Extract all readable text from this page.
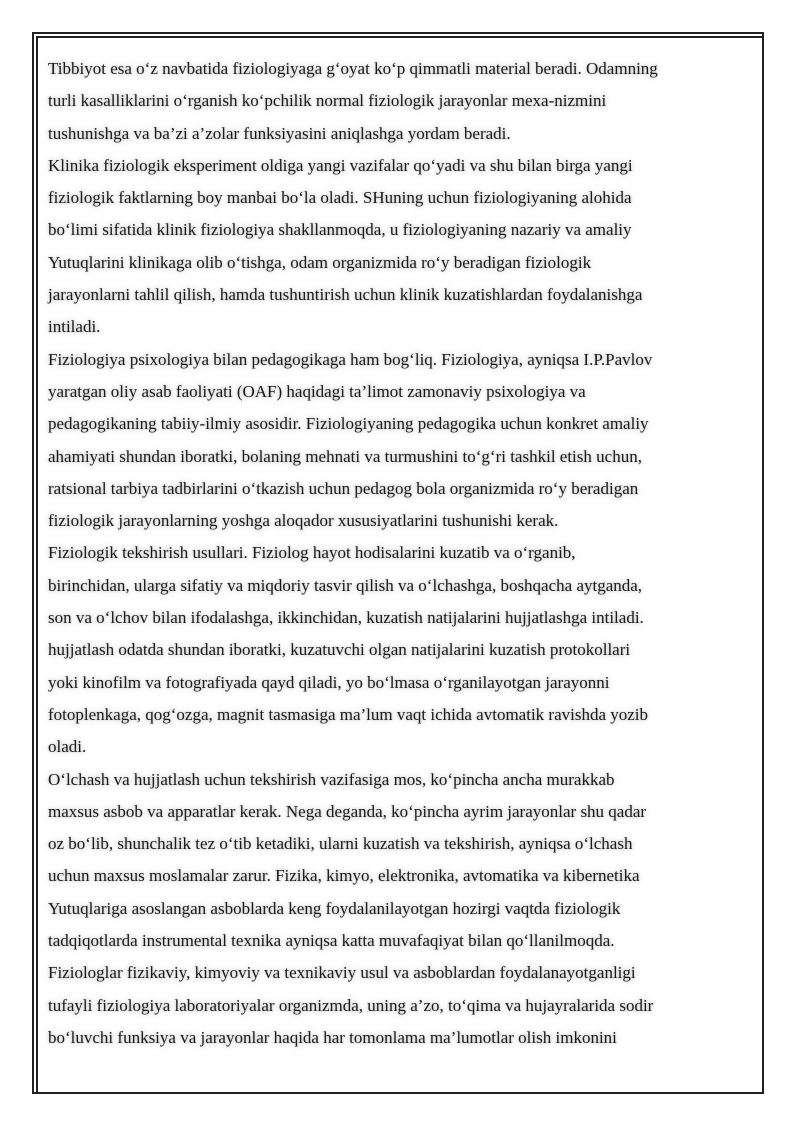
Tibbiyot esa o‘z navbatida fiziologiyaga g‘oyat ko‘p qimmatli material beradi. Odamning
turli kasalliklarini o‘rganish ko‘pchilik normal fiziologik jarayonlar mexa-nizmini
tushunishga va ba’zi a’zolar funksiyasini aniqlashga yordam beradi.
Klinika fiziologik eksperiment oldiga yangi vazifalar qo‘yadi va shu bilan birga yangi
fiziologik faktlarning boy manbai bo‘la oladi. SHuning uchun fiziologiyaning alohida
bo‘limi sifatida klinik fiziologiya shakllanmoqda, u fiziologiyaning nazariy va amaliy
Yutuqlarini klinikaga olib o‘tishga, odam organizmida ro‘y beradigan fiziologik
jarayonlarni tahlil qilish, hamda tushuntirish uchun klinik kuzatishlardan foydalanishga
intiladi.
Fiziologiya psixologiya bilan pedagogikaga ham bog‘liq. Fiziologiya, ayniqsa I.P.Pavlov
yaratgan oliy asab faoliyati (OAF) haqidagi ta’limot zamonaviy psixologiya va
pedagogikaning tabiiy-ilmiy asosidir. Fiziologiyaning pedagogika uchun konkret amaliy
ahamiyati shundan iboratki, bolaning mehnati va turmushini to‘g‘ri tashkil etish uchun,
ratsional tarbiya tadbirlarini o‘tkazish uchun pedagog bola organizmida ro‘y beradigan
fiziologik jarayonlarning yoshga aloqador xususiyatlarini tushunishi kerak.
Fiziologik tekshirish usullari. Fiziolog hayot hodisalarini kuzatib va o‘rganib,
birinchidan, ularga sifatiy va miqdoriy tasvir qilish va o‘lchashga, boshqacha aytganda,
son va o‘lchov bilan ifodalashga, ikkinchidan, kuzatish natijalarini hujjatlashga intiladi.
hujjatlash odatda shundan iboratki, kuzatuvchi olgan natijalarini kuzatish protokollari
yoki kinofilm va fotografiyada qayd qiladi, yo bo‘lmasa o‘rganilayotgan jarayonni
fotoplenkaga, qog‘ozga, magnit tasmasiga ma’lum vaqt ichida avtomatik ravishda yozib
oladi.
O‘lchash va hujjatlash uchun tekshirish vazifasiga mos, ko‘pincha ancha murakkab
maxsus asbob va apparatlar kerak. Nega deganda, ko‘pincha ayrim jarayonlar shu qadar
oz bo‘lib, shunchalik tez o‘tib ketadiki, ularni kuzatish va tekshirish, ayniqsa o‘lchash
uchun maxsus moslamalar zarur. Fizika, kimyo, elektronika, avtomatika va kibernetika
Yutuqlariga asoslangan asboblarda keng foydalanilayotgan hozirgi vaqtda fiziologik
tadqiqotlarda instrumental texnika ayniqsa katta muvafaqiyat bilan qo‘llanilmoqda.
Fiziologlar fizikaviy, kimyoviy va texnikaviy usul va asboblardan foydalanayotganligi
tufayli fiziologiya laboratoriyalar organizmda, uning a’zo, to‘qima va hujayralarida sodir
bo‘luvchi funksiya va jarayonlar haqida har tomonlama ma’lumotlar olish imkonini
